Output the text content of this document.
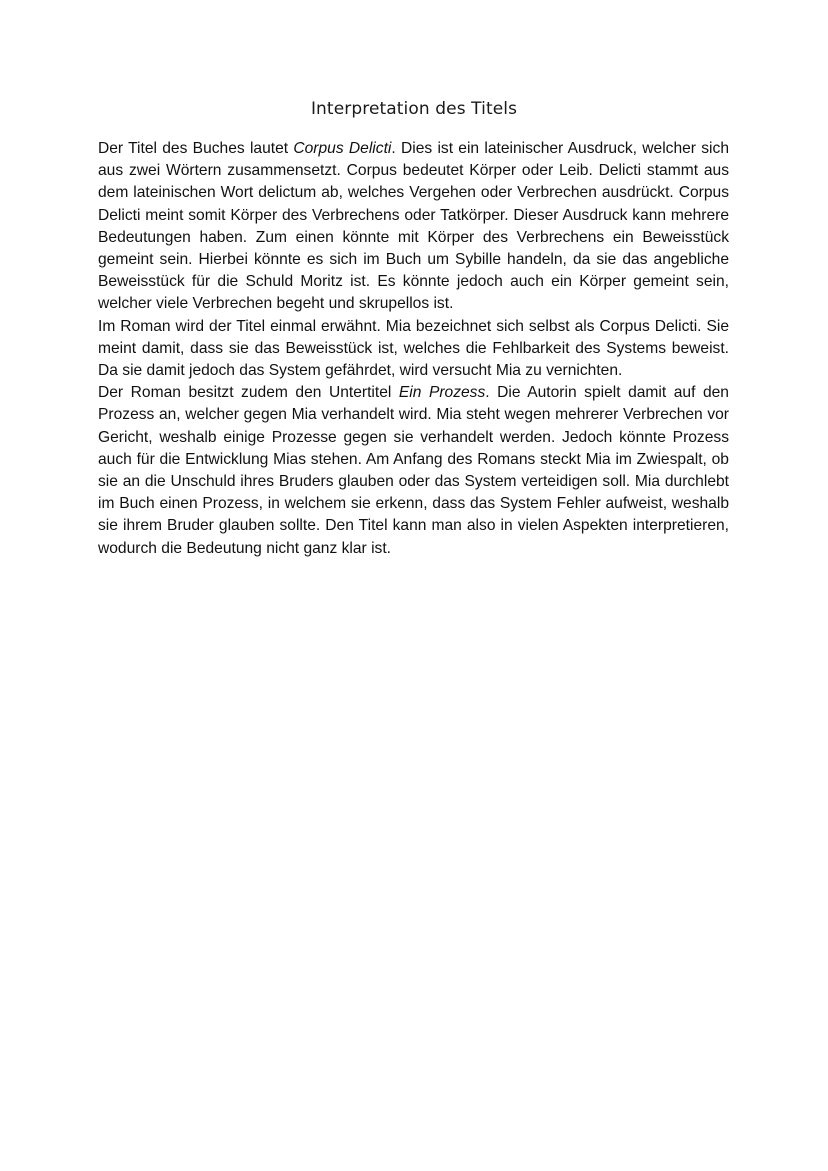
Interpretation des Titels

Der Titel des Buches lautet Corpus Delicti. Dies ist ein lateinischer Ausdruck, welcher sich aus zwei Wörtern zusammensetzt. Corpus bedeutet Körper oder Leib. Delicti stammt aus dem lateinischen Wort delictum ab, welches Vergehen oder Verbrechen ausdrückt. Corpus Delicti meint somit Körper des Verbrechens oder Tatkörper. Dieser Ausdruck kann mehrere Bedeutungen haben. Zum einen könnte mit Körper des Verbrechens ein Beweisstück gemeint sein. Hierbei könnte es sich im Buch um Sybille handeln, da sie das angebliche Beweisstück für die Schuld Moritz ist. Es könnte jedoch auch ein Körper gemeint sein, welcher viele Verbrechen begeht und skrupellos ist.

Im Roman wird der Titel einmal erwähnt. Mia bezeichnet sich selbst als Corpus Delicti. Sie meint damit, dass sie das Beweisstück ist, welches die Fehlbarkeit des Systems beweist. Da sie damit jedoch das System gefährdet, wird versucht Mia zu vernichten.

Der Roman besitzt zudem den Untertitel Ein Prozess. Die Autorin spielt damit auf den Prozess an, welcher gegen Mia verhandelt wird. Mia steht wegen mehrerer Verbrechen vor Gericht, weshalb einige Prozesse gegen sie verhandelt werden. Jedoch könnte Prozess auch für die Entwicklung Mias stehen. Am Anfang des Romans steckt Mia im Zwiespalt, ob sie an die Unschuld ihres Bruders glauben oder das System verteidigen soll. Mia durchlebt im Buch einen Prozess, in welchem sie erkenn, dass das System Fehler aufweist, weshalb sie ihrem Bruder glauben sollte. Den Titel kann man also in vielen Aspekten interpretieren, wodurch die Bedeutung nicht ganz klar ist.
